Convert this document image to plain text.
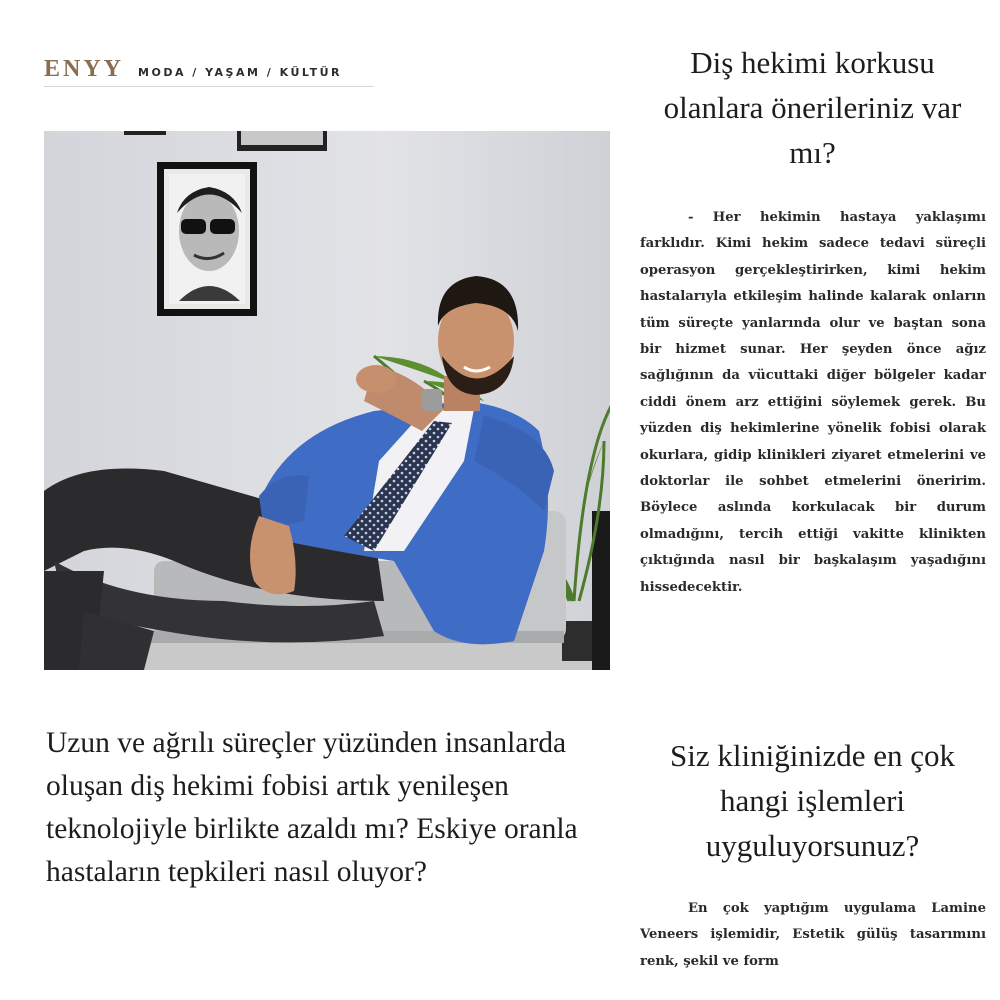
ENYY MODA / YAŞAM / KÜLTÜR	Diş hekimi korkusu olanlara önerileriniz var mı?
- Her hekimin hastaya yaklaşımı farklıdır. Kimi hekim sadece tedavi süreçli operasyon gerçekleştirirken, kimi hekim hastalarıyla etkileşim halinde kalarak onların tüm süreçte yanlarında olur ve baştan sona bir hizmet sunar. Her şeyden önce ağız sağlığının da vücuttaki diğer bölgeler kadar ciddi önem arz ettiğini söylemek gerek. Bu yüzden diş hekimlerine yönelik fobisi olarak okurlara, gidip klinikleri ziyaret etmelerini ve doktorlar ile sohbet etmelerini öneririm. Böylece aslında korkulacak bir durum olmadığını, tercih ettiği vakitte klinikten çıktığında nasıl bir başkalaşım yaşadığını hissedecektir.
Uzun ve ağrılı süreçler yüzünden insanlarda oluşan diş hekimi fobisi artık yenileşen teknolojiyle birlikte azaldı mı? Eskiye oranla hastaların tepkileri nasıl oluyor?
Siz kliniğinizde en çok hangi işlemleri uyguluyorsunuz?
En çok yaptığım uygulama Lamine Veneers işlemidir, Estetik gülüş tasarımını renk, şekil ve form
